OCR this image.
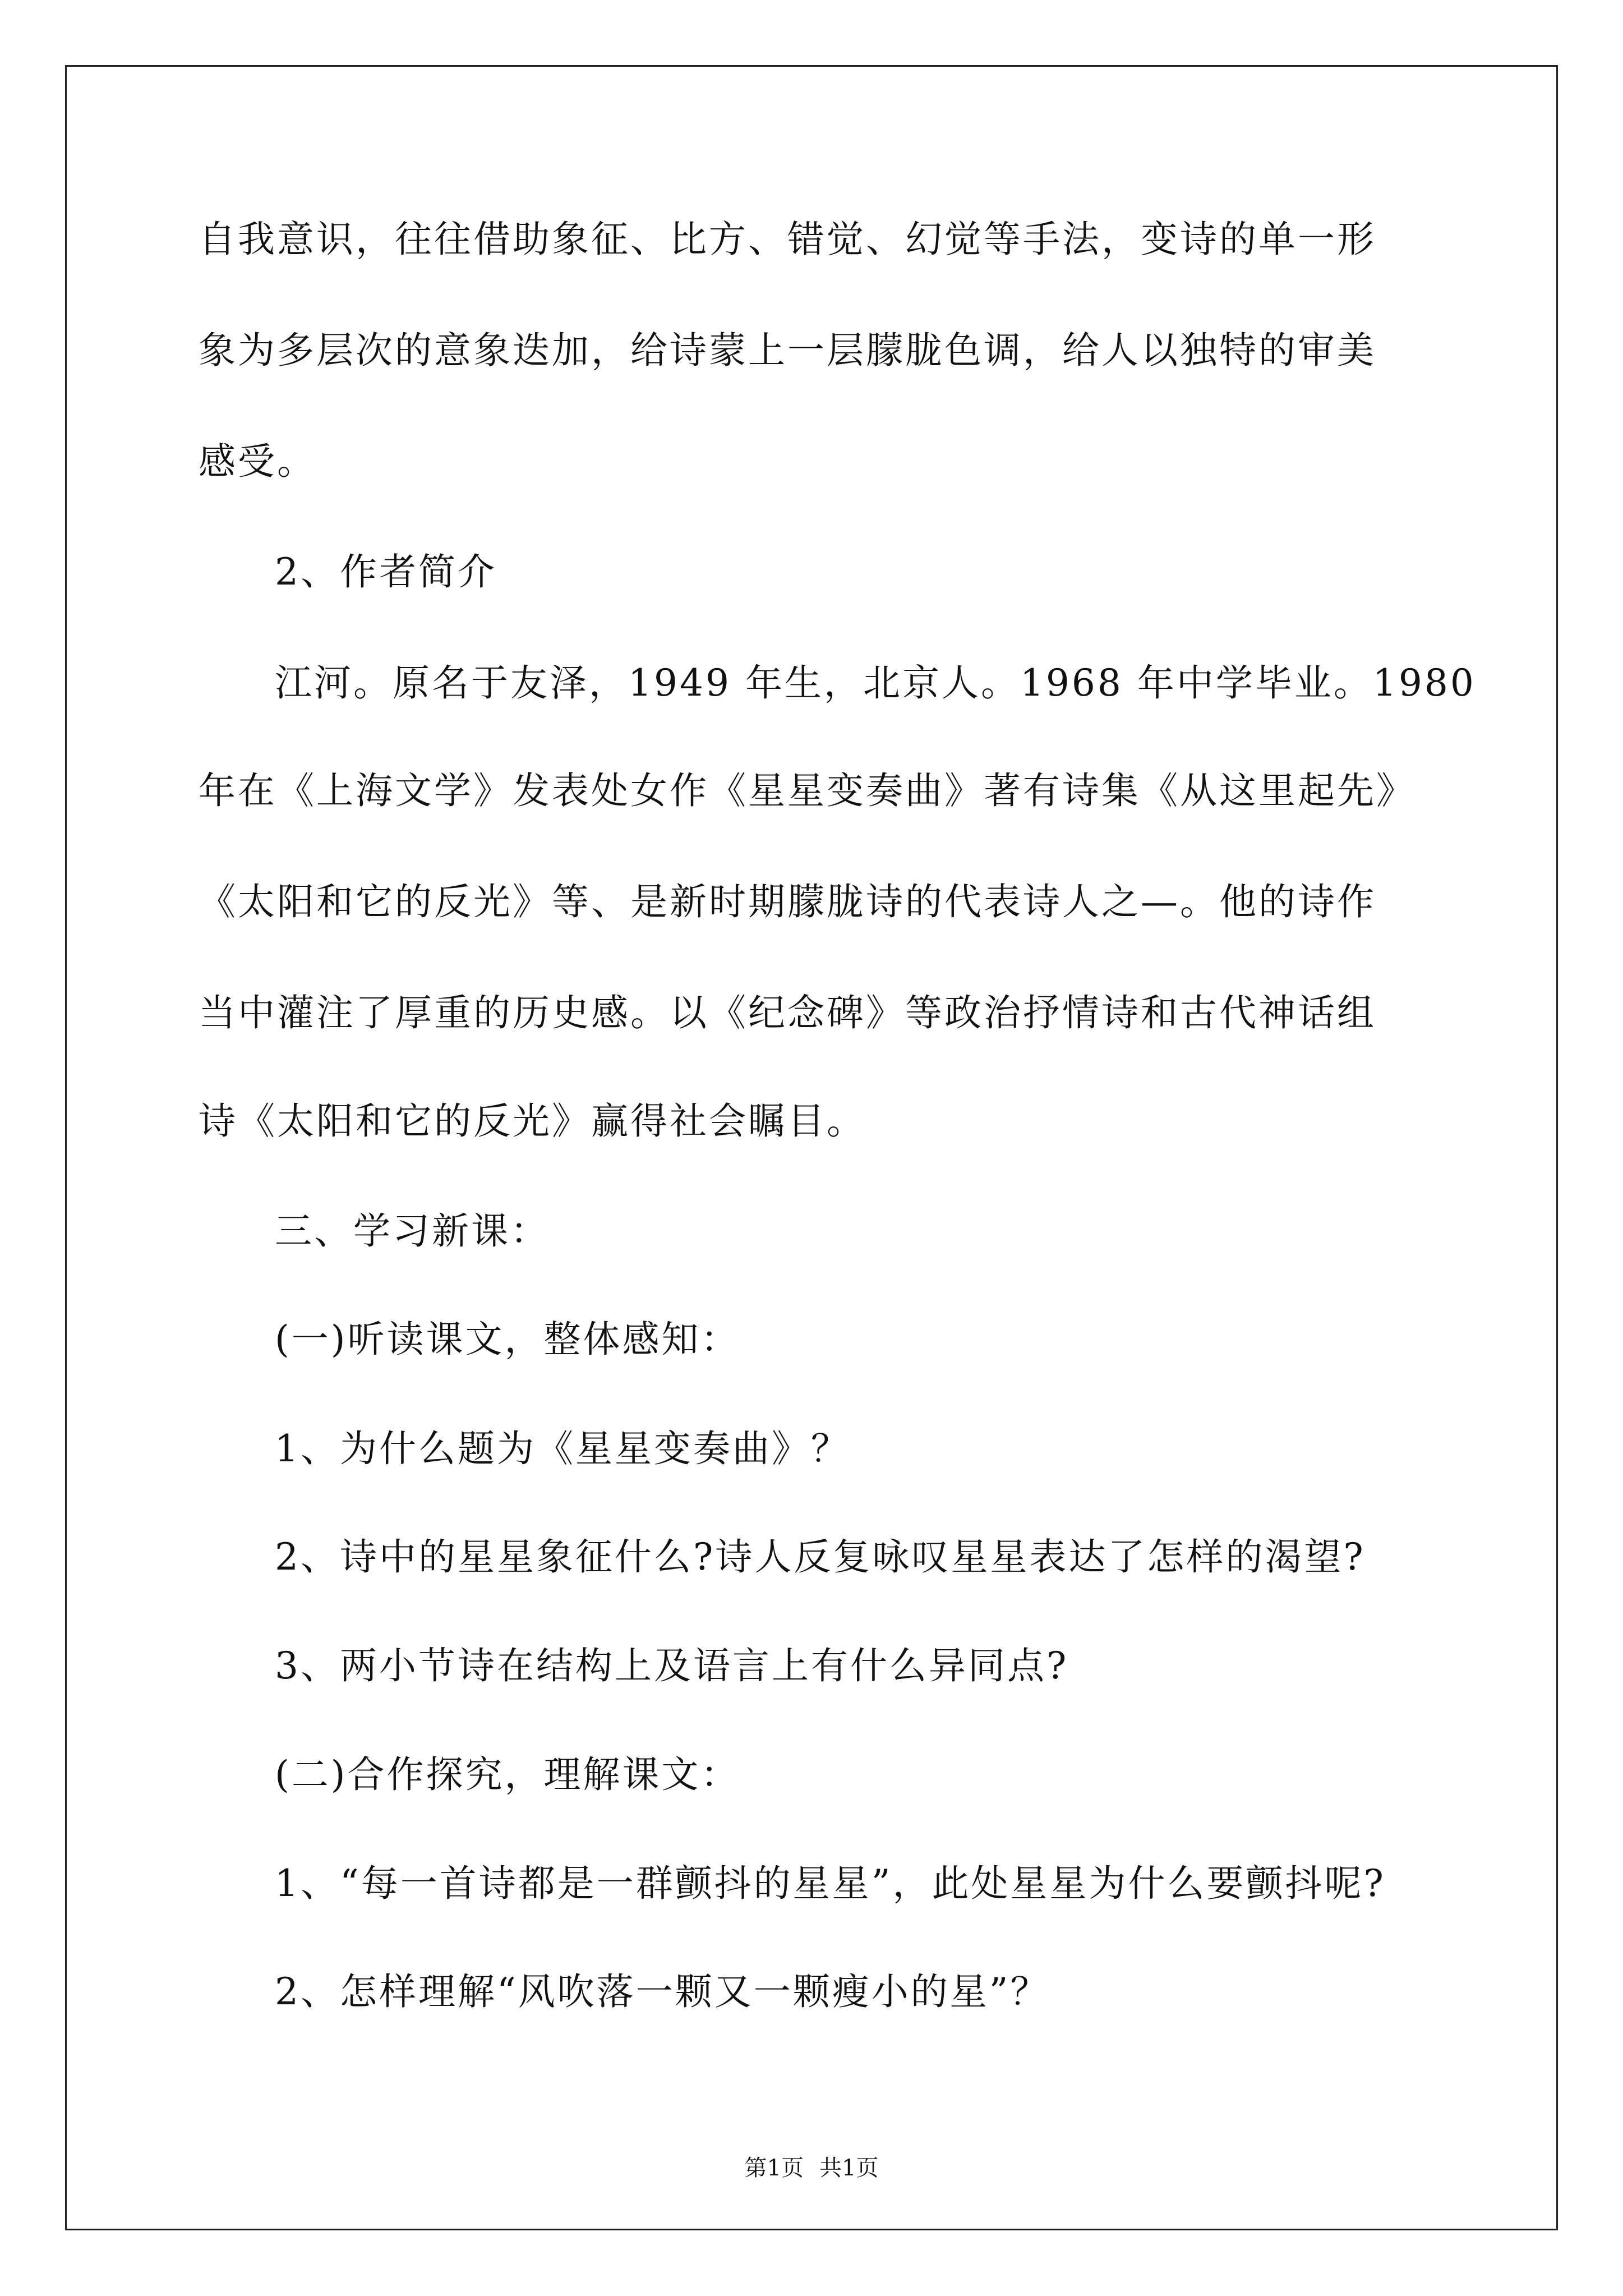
自我意识，往往借助象征、比方、错觉、幻觉等手法，变诗的单一形
象为多层次的意象迭加，给诗蒙上一层朦胧色调，给人以独特的审美
感受。
2、作者简介
江河。原名于友泽，1949 年生，北京人。1968 年中学毕业。1980
年在《上海文学》发表处女作《星星变奏曲》著有诗集《从这里起先》
《太阳和它的反光》等、是新时期朦胧诗的代表诗人之—。他的诗作
当中灌注了厚重的历史感。以《纪念碑》等政治抒情诗和古代神话组
诗《太阳和它的反光》赢得社会瞩目。
三、学习新课：
(一)听读课文，整体感知：
1、为什么题为《星星变奏曲》？
2、诗中的星星象征什么?诗人反复咏叹星星表达了怎样的渴望?
3、两小节诗在结构上及语言上有什么异同点?
(二)合作探究，理解课文：
1、“每一首诗都是一群颤抖的星星”，此处星星为什么要颤抖呢?
2、怎样理解“风吹落一颗又一颗瘦小的星”？
第1页 共1页
